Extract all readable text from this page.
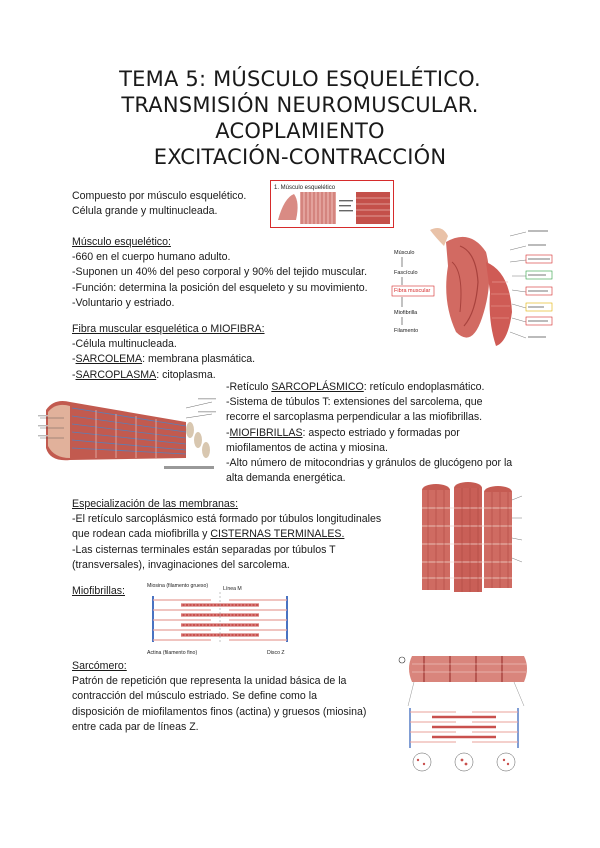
TEMA 5: MÚSCULO ESQUELÉTICO.
TRANSMISIÓN NEUROMUSCULAR.
ACOPLAMIENTO
EXCITACIÓN-CONTRACCIÓN

Compuesto por músculo esquelético.

Célula grande y multinucleada.

1. Músculo esquelético

Músculo esquelético:

-660 en el cuerpo humano adulto.

-Suponen un 40% del peso corporal y 90% del tejido muscular.

-Función: determina la posición del esqueleto y su movimiento.

-Voluntario y estriado.

Músculo
Fascículo
Fibra muscular
Miofibrilla
Filamento

Fibra muscular esquelética o MIOFIBRA:

-Célula multinucleada.

-SARCOLEMA: membrana plasmática.

-SARCOPLASMA: citoplasma.

-Retículo SARCOPLÁSMICO: retículo endoplasmático.

-Sistema de túbulos T: extensiones del sarcolema, que

recorre el sarcoplasma perpendicular a las miofibrillas.

-MIOFIBRILLAS: aspecto estriado y formadas por

miofilamentos de actina y miosina.

-Alto número de mitocondrias y gránulos de glucógeno por la

alta demanda energética.

Especialización de las membranas:

-El retículo sarcoplásmico está formado por túbulos longitudinales

que rodean cada miofibrilla y CISTERNAS TERMINALES.

-Las cisternas terminales están separadas por túbulos T

(transversales), invaginaciones del sarcolema.

Miofibrillas:	Miosina (filamento grueso)	Línea M
Actina (filamento fino)	Disco Z

Sarcómero:

Patrón de repetición que representa la unidad básica de la

contracción del músculo estriado. Se define como la

disposición de miofilamentos finos (actina) y gruesos (miosina)

entre cada par de líneas Z.
